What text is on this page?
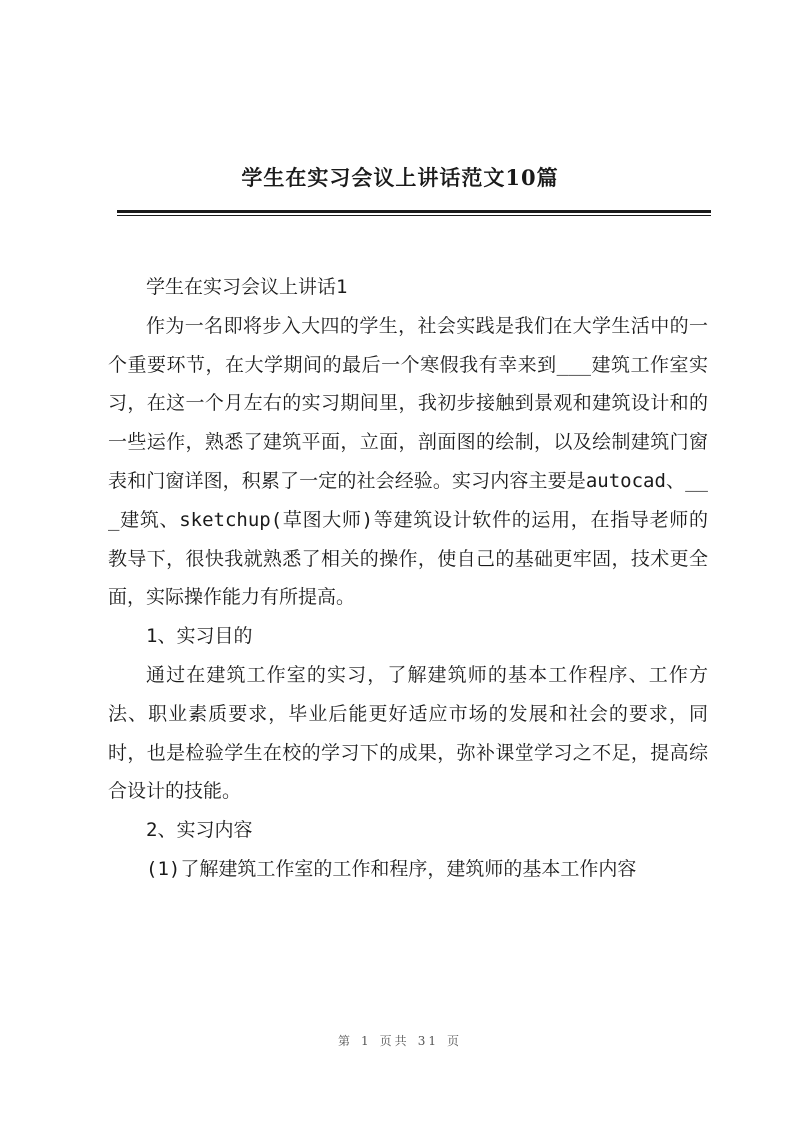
学生在实习会议上讲话范文10篇

学生在实习会议上讲话1

作为一名即将步入大四的学生，社会实践是我们在大学生活中的一个重要环节，在大学期间的最后一个寒假我有幸来到___建筑工作室实习，在这一个月左右的实习期间里，我初步接触到景观和建筑设计和的一些运作，熟悉了建筑平面，立面，剖面图的绘制，以及绘制建筑门窗表和门窗详图，积累了一定的社会经验。实习内容主要是autocad、___建筑、sketchup(草图大师)等建筑设计软件的运用，在指导老师的教导下，很快我就熟悉了相关的操作，使自己的基础更牢固，技术更全面，实际操作能力有所提高。

1、实习目的

通过在建筑工作室的实习，了解建筑师的基本工作程序、工作方法、职业素质要求，毕业后能更好适应市场的发展和社会的要求，同时，也是检验学生在校的学习下的成果，弥补课堂学习之不足，提高综合设计的技能。

2、实习内容

(1)了解建筑工作室的工作和程序，建筑师的基本工作内容

第 1 页共 31 页
